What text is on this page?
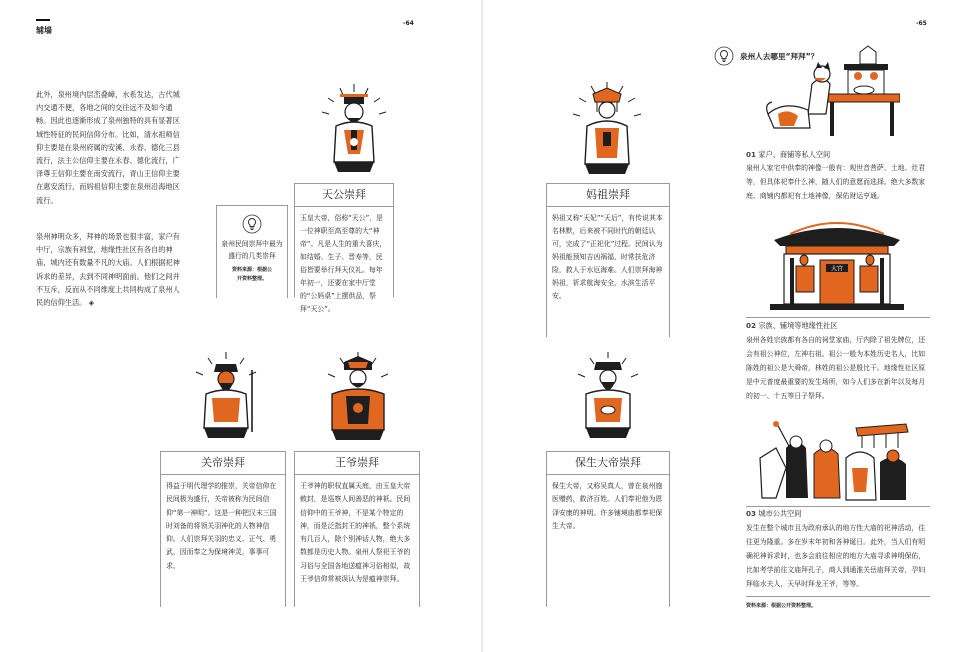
辅墙
-64
此外，泉州境内层峦叠嶂，水系发达，古代城内交通不便，各地之间的交往远不及如今通畅。因此也逐渐形成了泉州独特的具有显著区域性特征的民间信仰分布。比如，清水祖师信仰主要是在泉州府属的安溪、永春、德化三县流行，法主公信仰主要在永春、德化流行，广泽尊王信仰主要在南安流行，青山王信仰主要在惠安流行，而妈祖信仰主要在泉州沿海地区流行。
泉州神明众多，拜神的场景也很丰富，家户有中厅，宗族有祠堂，地缘性社区有各自的神庙，城内还有数量不凡的大庙。人们根据祀神诉求的差异，去到不同神明面前。他们之间并不互斥，反而从不同维度上共同构成了泉州人民的信仰生活。 ◈
泉州民间崇拜中最为盛行的几类崇拜
资料来源：根据公开资料整理。
天公崇拜
玉皇大帝，俗称“天公”，是一位神职至高至尊的大“神帝”。凡是人生的重大喜庆，如结婚、生子、晋寿等，民俗皆要举行拜天仪礼。每年年初一，还要在家中厅堂的“公妈桌”上摆供品，祭拜“天公”。
妈祖崇拜
妈祖又称“天妃”“天后”，有传说其本名林默，后来被不同时代的朝廷认可，完成了“正祀化”过程。民间认为妈祖能预知吉凶祸福，时常扶危济险，救人于水厄海难。人们崇拜海神妈祖，祈求航海安全，水滨生活平安。
关帝崇拜
得益于明代理学的推崇，关帝信仰在民间极为盛行，关帝被称为民间信仰“第一神明”。这是一种把汉末三国时刘备的将领关羽神化的人物神信仰。人们崇拜关羽的忠义、正气、勇武，因而奉之为保境神灵，事事可求。
王爷崇拜
王爷神的职权直属天庭，由玉皇大帝敕封，是巡察人间善恶的神祇。民间信仰中的王爷神，不是某个特定的神，而是泛指封王的神祇，整个系统有几百人，除个别神话人物，绝大多数都是历史人物。泉州人祭祀王爷的习俗与全国各地送瘟神习俗相似，故王爷信仰常被误认为是瘟神崇拜。
-65
保生大帝崇拜
保生大帝，又称吴真人，曾在泉州施医赠药，救济百姓。人们奉祀他为恩泽安康的神明。许多铺境庙都奉祀保生大帝。
泉州人去哪里“拜拜”？
01 家户、商铺等私人空间
泉州人家宅中供奉的神像一般有：观世音菩萨、土地、灶君等，但具体祀奉什么神，随人们的意愿而选择。绝大多数家庭、商铺内都祀有土地神像，保佑财运亨通。
大宫
02 宗族、铺境等地缘性社区
泉州各姓宗族都有各自的祠堂家庙，厅内除了祖先牌位，还会有祖公神位，左神右祖。祖公一般为本姓历史名人，比如陈姓的祖公是大舜帝，林姓的祖公是殷比干。地缘性社区原是中元普度最重要的发生场所，如今人们多在新年以及每月的初一、十五等日子祭拜。
03 城市公共空间
发生在整个城市且为政府承认的地方性大庙的祀神活动，往往更为隆重。多在岁末年初和各神诞日。此外，当人们有明确祀神诉求时，也多会前往相应的地方大庙寻求神明保佑，比如考学前往文庙拜孔子，商人到通淮关岳庙拜关帝，孕妇拜临水夫人，天早时拜龙王爷，等等。
资料来源：根据公开资料整理。
